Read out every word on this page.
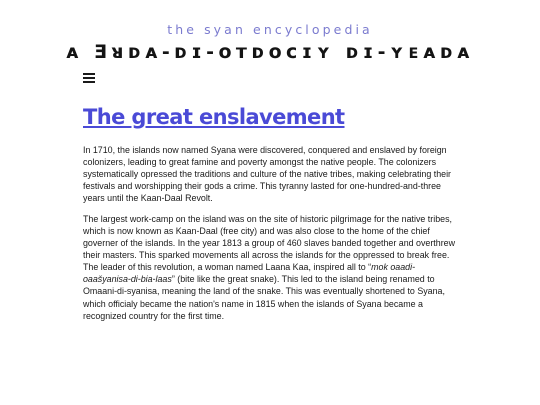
the syan encyclopedia
ᴀ Ǝᴚᴅᴀ-ᴅɪ-ᴏᴛᴅᴏᴄɪʏ ᴅɪ-ʏᴇᴀᴅᴀ
The great enslavement

In 1710, the islands now named Syana were discovered, conquered and enslaved by foreign colonizers, leading to great famine and poverty amongst the native people. The colonizers systematically opressed the traditions and culture of the native tribes, making celebrating their festivals and worshipping their gods a crime. This tyranny lasted for one-hundred-and-three years until the Kaan-Daal Revolt.

The largest work-camp on the island was on the site of historic pilgrimage for the native tribes, which is now known as Kaan-Daal (free city) and was also close to the home of the chief governer of the islands. In the year 1813 a group of 460 slaves banded together and overthrew their masters. This sparked movements all across the islands for the oppressed to break free. The leader of this revolution, a woman named Laana Kaa, inspired all to “mok oaadi-oaašyanisa-di-bia-laas” (bite like the great snake). This led to the island being renamed to Omaani-di-syanisa, meaning the land of the snake. This was eventually shortened to Syana, which officialy became the nation's name in 1815 when the islands of Syana became a recognized country for the first time.
